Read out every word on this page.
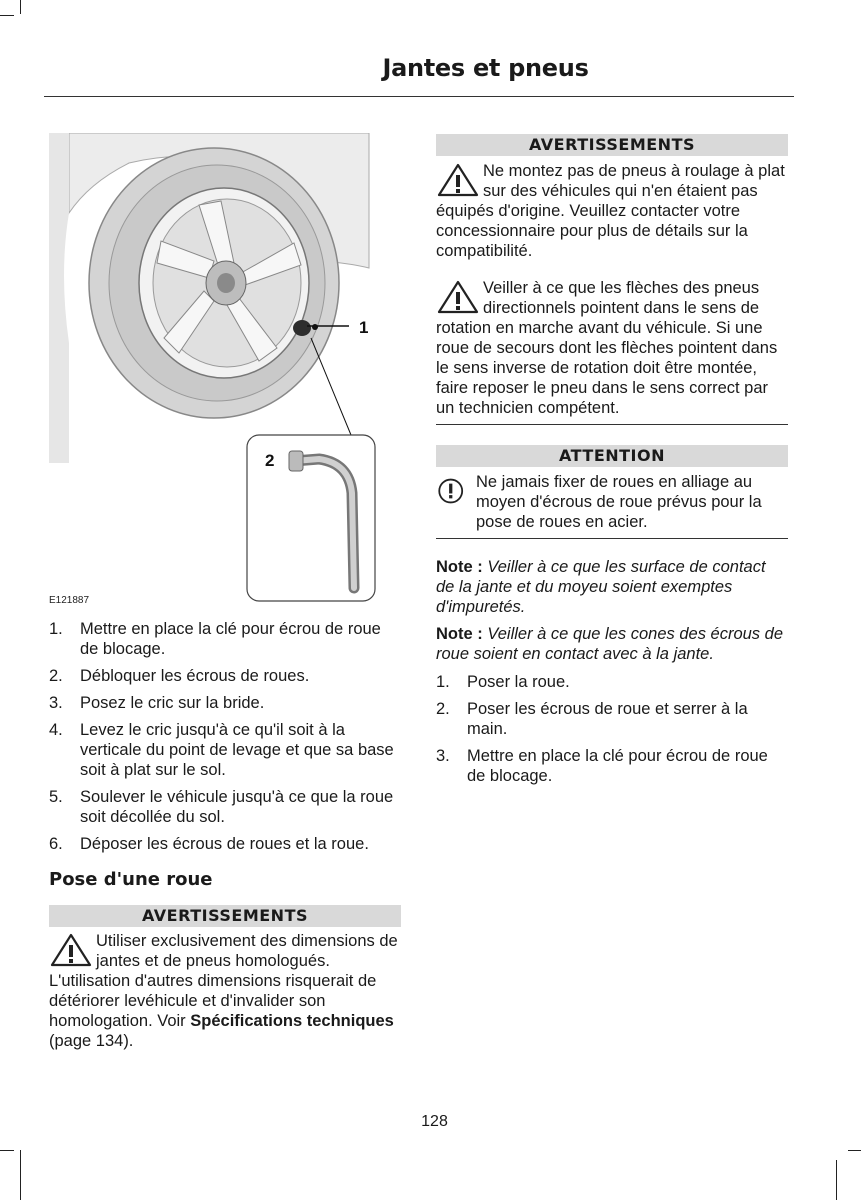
Jantes et pneus
1
2
E121887
1. Mettre en place la clé pour écrou de roue de blocage.
2. Débloquer les écrous de roues.
3. Posez le cric sur la bride.
4. Levez le cric jusqu'à ce qu'il soit à la verticale du point de levage et que sa base soit à plat sur le sol.
5. Soulever le véhicule jusqu'à ce que la roue soit décollée du sol.
6. Déposer les écrous de roues et la roue.
Pose d'une roue
AVERTISSEMENTS
Utiliser exclusivement des dimensions de jantes et de pneus homologués. L'utilisation d'autres dimensions risquerait de détériorer levéhicule et d'invalider son homologation. Voir Spécifications techniques (page 134).
AVERTISSEMENTS
Ne montez pas de pneus à roulage à plat sur des véhicules qui n'en étaient pas équipés d'origine. Veuillez contacter votre concessionnaire pour plus de détails sur la compatibilité.
Veiller à ce que les flèches des pneus directionnels pointent dans le sens de rotation en marche avant du véhicule. Si une roue de secours dont les flèches pointent dans le sens inverse de rotation doit être montée, faire reposer le pneu dans le sens correct par un technicien compétent.
ATTENTION
Ne jamais fixer de roues en alliage au moyen d'écrous de roue prévus pour la pose de roues en acier.
Note : Veiller à ce que les surface de contact de la jante et du moyeu soient exemptes d'impuretés.
Note : Veiller à ce que les cones des écrous de roue soient en contact avec à la jante.
1. Poser la roue.
2. Poser les écrous de roue et serrer à la main.
3. Mettre en place la clé pour écrou de roue de blocage.
128
